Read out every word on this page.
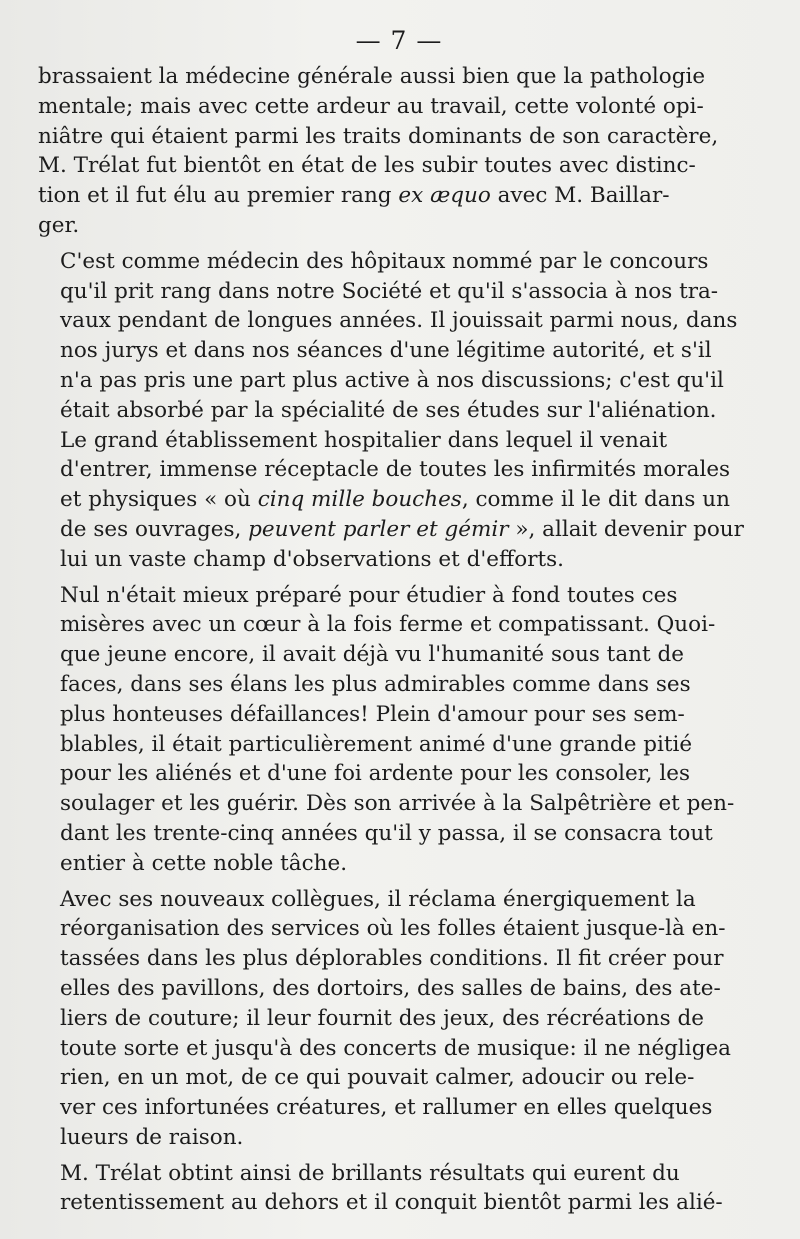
— 7 —

brassaient la médecine générale aussi bien que la pathologie
mentale; mais avec cette ardeur au travail, cette volonté opi-
niâtre qui étaient parmi les traits dominants de son caractère,
M. Trélat fut bientôt en état de les subir toutes avec distinc-
tion et il fut élu au premier rang ex æquo avec M. Baillar-
ger.

C'est comme médecin des hôpitaux nommé par le concours
qu'il prit rang dans notre Société et qu'il s'associa à nos tra-
vaux pendant de longues années. Il jouissait parmi nous, dans
nos jurys et dans nos séances d'une légitime autorité, et s'il
n'a pas pris une part plus active à nos discussions; c'est qu'il
était absorbé par la spécialité de ses études sur l'aliénation.
Le grand établissement hospitalier dans lequel il venait
d'entrer, immense réceptacle de toutes les infirmités morales
et physiques « où cinq mille bouches, comme il le dit dans un
de ses ouvrages, peuvent parler et gémir », allait devenir pour
lui un vaste champ d'observations et d'efforts.

Nul n'était mieux préparé pour étudier à fond toutes ces
misères avec un cœur à la fois ferme et compatissant. Quoi-
que jeune encore, il avait déjà vu l'humanité sous tant de
faces, dans ses élans les plus admirables comme dans ses
plus honteuses défaillances! Plein d'amour pour ses sem-
blables, il était particulièrement animé d'une grande pitié
pour les aliénés et d'une foi ardente pour les consoler, les
soulager et les guérir. Dès son arrivée à la Salpêtrière et pen-
dant les trente-cinq années qu'il y passa, il se consacra tout
entier à cette noble tâche.

Avec ses nouveaux collègues, il réclama énergiquement la
réorganisation des services où les folles étaient jusque-là en-
tassées dans les plus déplorables conditions. Il fit créer pour
elles des pavillons, des dortoirs, des salles de bains, des ate-
liers de couture; il leur fournit des jeux, des récréations de
toute sorte et jusqu'à des concerts de musique: il ne négligea
rien, en un mot, de ce qui pouvait calmer, adoucir ou rele-
ver ces infortunées créatures, et rallumer en elles quelques
lueurs de raison.

M. Trélat obtint ainsi de brillants résultats qui eurent du
retentissement au dehors et il conquit bientôt parmi les alié-
